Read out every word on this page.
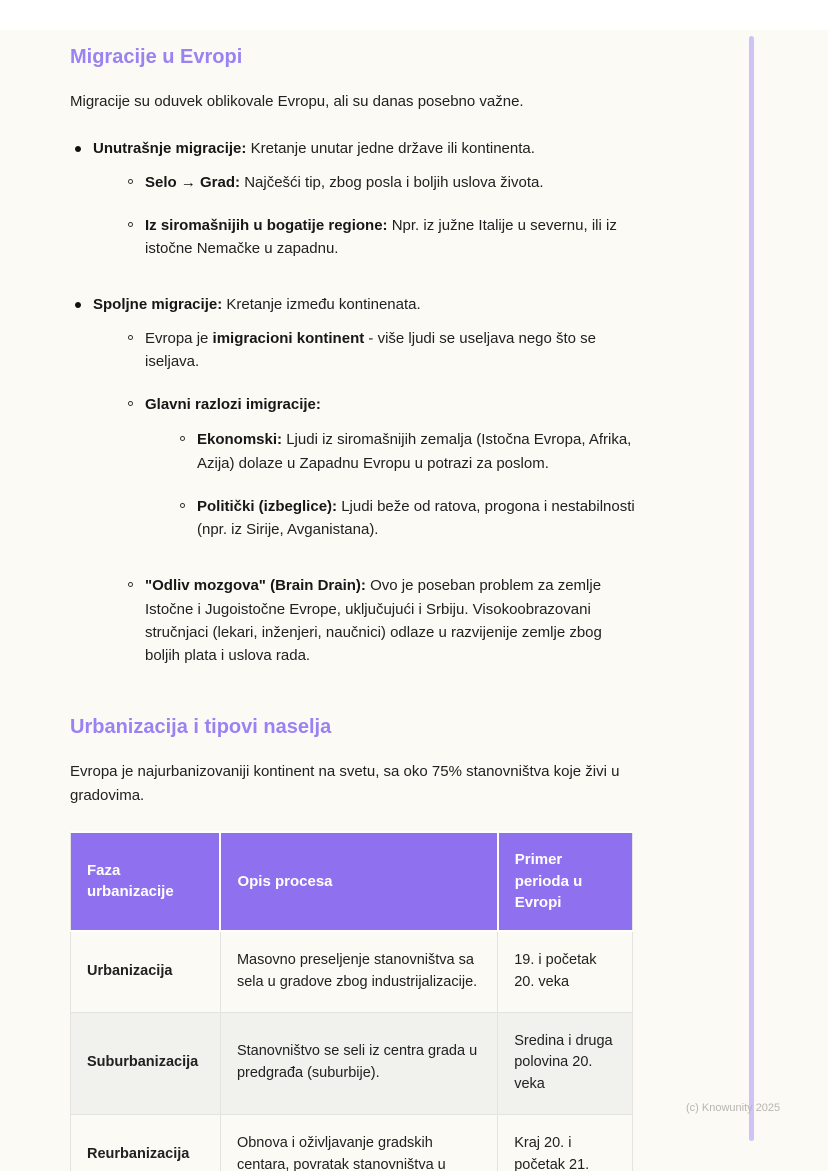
Migracije u Evropi

Migracije su oduvek oblikovale Evropu, ali su danas posebno važne.

Unutrašnje migracije: Kretanje unutar jedne države ili kontinenta.
Selo → Grad: Najčešći tip, zbog posla i boljih uslova života.
Iz siromašnijih u bogatije regione: Npr. iz južne Italije u severnu, ili iz istočne Nemačke u zapadnu.
Spoljne migracije: Kretanje između kontinenata.
Evropa je imigracioni kontinent - više ljudi se useljava nego što se iseljava.
Glavni razlozi imigracije:
Ekonomski: Ljudi iz siromašnijih zemalja (Istočna Evropa, Afrika, Azija) dolaze u Zapadnu Evropu u potrazi za poslom.
Politički (izbeglice): Ljudi beže od ratova, progona i nestabilnosti (npr. iz Sirije, Avganistana).
"Odliv mozgova" (Brain Drain): Ovo je poseban problem za zemlje Istočne i Jugoistočne Evrope, uključujući i Srbiju. Visokoobrazovani stručnjaci (lekari, inženjeri, naučnici) odlaze u razvijenije zemlje zbog boljih plata i uslova rada.
Urbanizacija i tipovi naselja

Evropa je najurbanizovaniji kontinent na svetu, sa oko 75% stanovništva koje živi u gradovima.

Faza urbanizacije	Opis procesa	Primer perioda u Evropi
Urbanizacija	Masovno preseljenje stanovništva sa sela u gradove zbog industrijalizacije.	19. i početak 20. veka
Suburbanizacija	Stanovništvo se seli iz centra grada u predgrađa (suburbije).	Sredina i druga polovina 20. veka
Reurbanizacija	Obnova i oživljavanje gradskih centara, povratak stanovništva u	Kraj 20. i početak 21.
(c) Knowunity 2025
